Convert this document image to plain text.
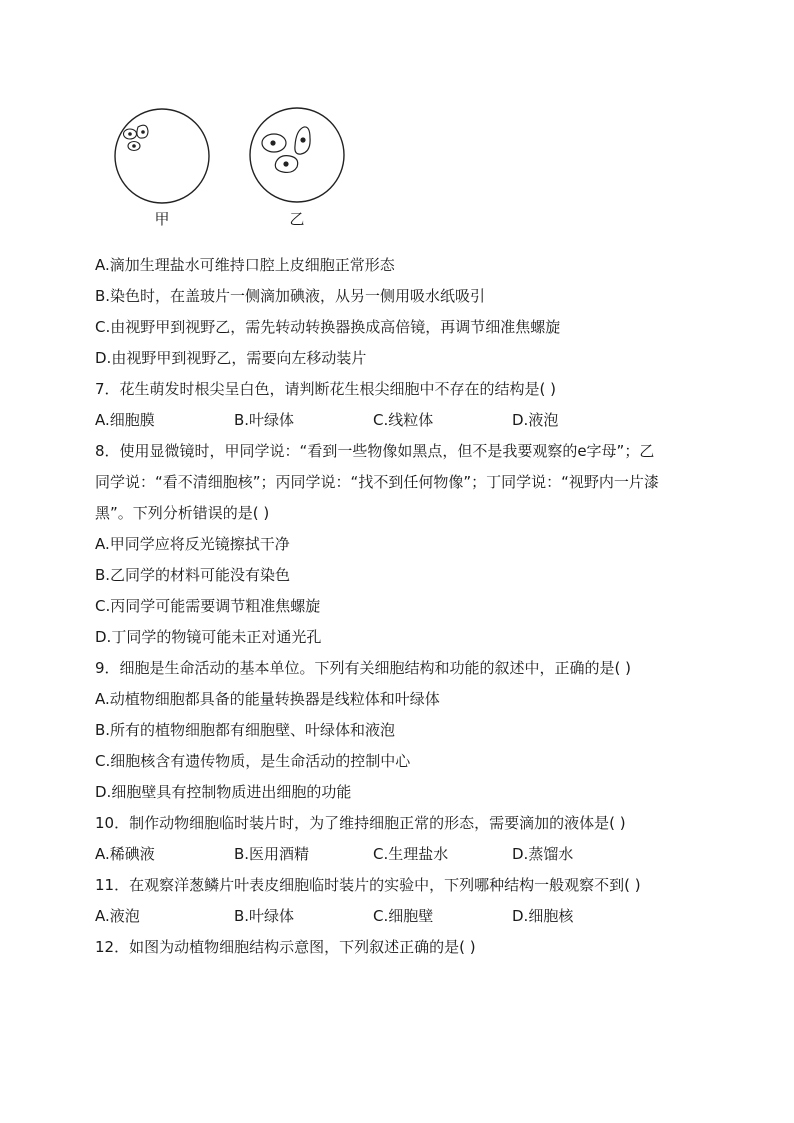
甲	乙
A.滴加生理盐水可维持口腔上皮细胞正常形态
B.染色时，在盖玻片一侧滴加碘液，从另一侧用吸水纸吸引
C.由视野甲到视野乙，需先转动转换器换成高倍镜，再调节细准焦螺旋
D.由视野甲到视野乙，需要向左移动装片
7．花生萌发时根尖呈白色，请判断花生根尖细胞中不存在的结构是( )
A.细胞膜	B.叶绿体	C.线粒体	D.液泡
8．使用显微镜时，甲同学说：“看到一些物像如黑点，但不是我要观察的e字母”；乙
同学说：“看不清细胞核”；丙同学说：“找不到任何物像”；丁同学说：“视野内一片漆
黑”。下列分析错误的是( )
A.甲同学应将反光镜擦拭干净
B.乙同学的材料可能没有染色
C.丙同学可能需要调节粗准焦螺旋
D.丁同学的物镜可能未正对通光孔
9．细胞是生命活动的基本单位。下列有关细胞结构和功能的叙述中，正确的是( )
A.动植物细胞都具备的能量转换器是线粒体和叶绿体
B.所有的植物细胞都有细胞壁、叶绿体和液泡
C.细胞核含有遗传物质，是生命活动的控制中心
D.细胞壁具有控制物质进出细胞的功能
10．制作动物细胞临时装片时，为了维持细胞正常的形态，需要滴加的液体是( )
A.稀碘液	B.医用酒精	C.生理盐水	D.蒸馏水
11．在观察洋葱鳞片叶表皮细胞临时装片的实验中，下列哪种结构一般观察不到( )
A.液泡	B.叶绿体	C.细胞壁	D.细胞核
12．如图为动植物细胞结构示意图，下列叙述正确的是( )
